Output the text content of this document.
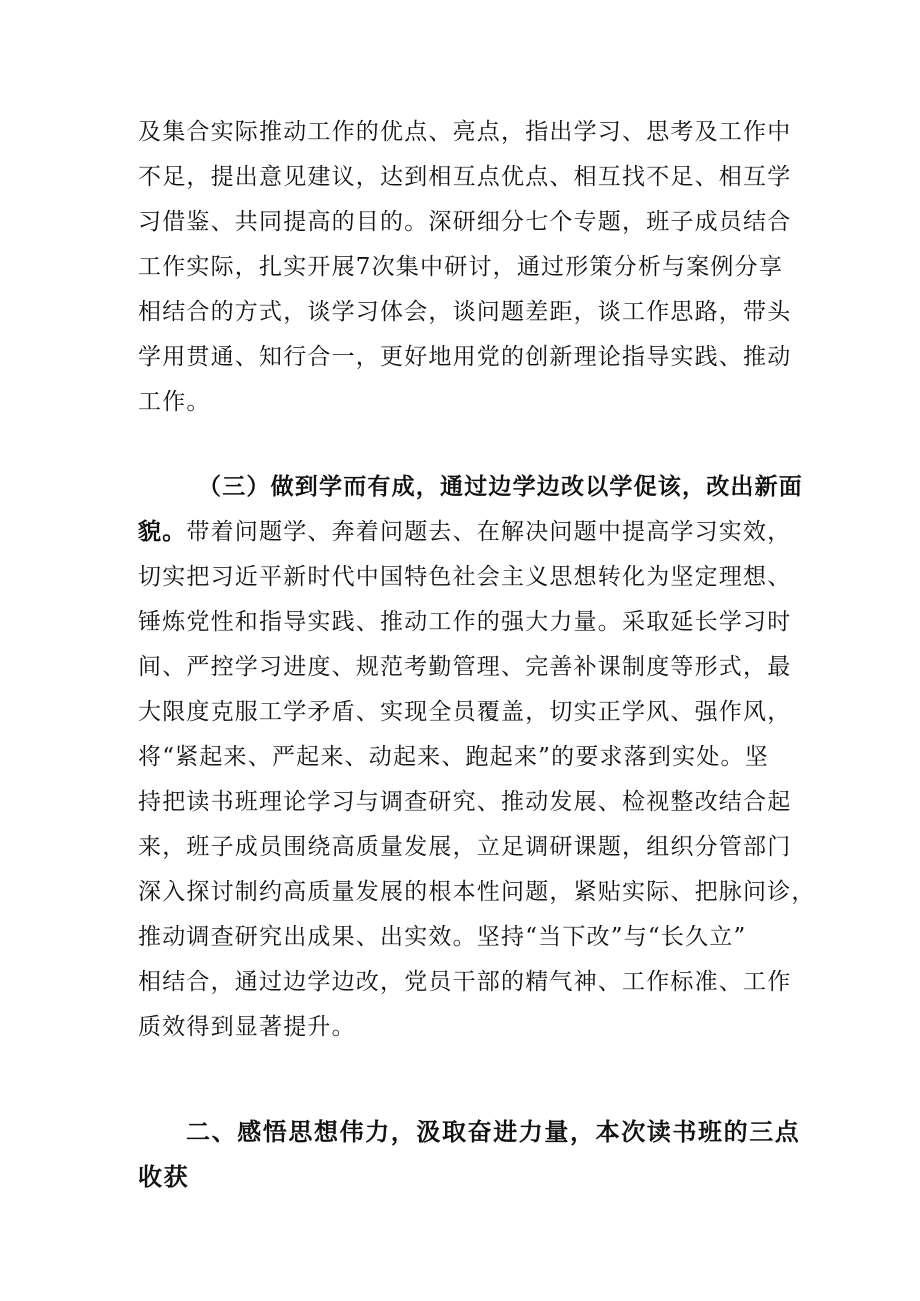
及集合实际推动工作的优点、亮点，指出学习、思考及工作中
不足，提出意见建议，达到相互点优点、相互找不足、相互学
习借鉴、共同提高的目的。深研细分七个专题，班子成员结合
工作实际，扎实开展7次集中研讨，通过形策分析与案例分享
相结合的方式，谈学习体会，谈问题差距，谈工作思路，带头
学用贯通、知行合一，更好地用党的创新理论指导实践、推动
工作。
（三）做到学而有成，通过边学边改以学促该，改出新面
貌。带着问题学、奔着问题去、在解决问题中提高学习实效，
切实把习近平新时代中国特色社会主义思想转化为坚定理想、
锤炼党性和指导实践、推动工作的强大力量。采取延长学习时
间、严控学习进度、规范考勤管理、完善补课制度等形式，最
大限度克服工学矛盾、实现全员覆盖，切实正学风、强作风，
将“紧起来、严起来、动起来、跑起来”的要求落到实处。坚
持把读书班理论学习与调查研究、推动发展、检视整改结合起
来，班子成员围绕高质量发展，立足调研课题，组织分管部门
深入探讨制约高质量发展的根本性问题，紧贴实际、把脉问诊，
推动调查研究出成果、出实效。坚持“当下改”与“长久立”
相结合，通过边学边改，党员干部的精气神、工作标准、工作
质效得到显著提升。
二、感悟思想伟力，汲取奋进力量，本次读书班的三点
收获
